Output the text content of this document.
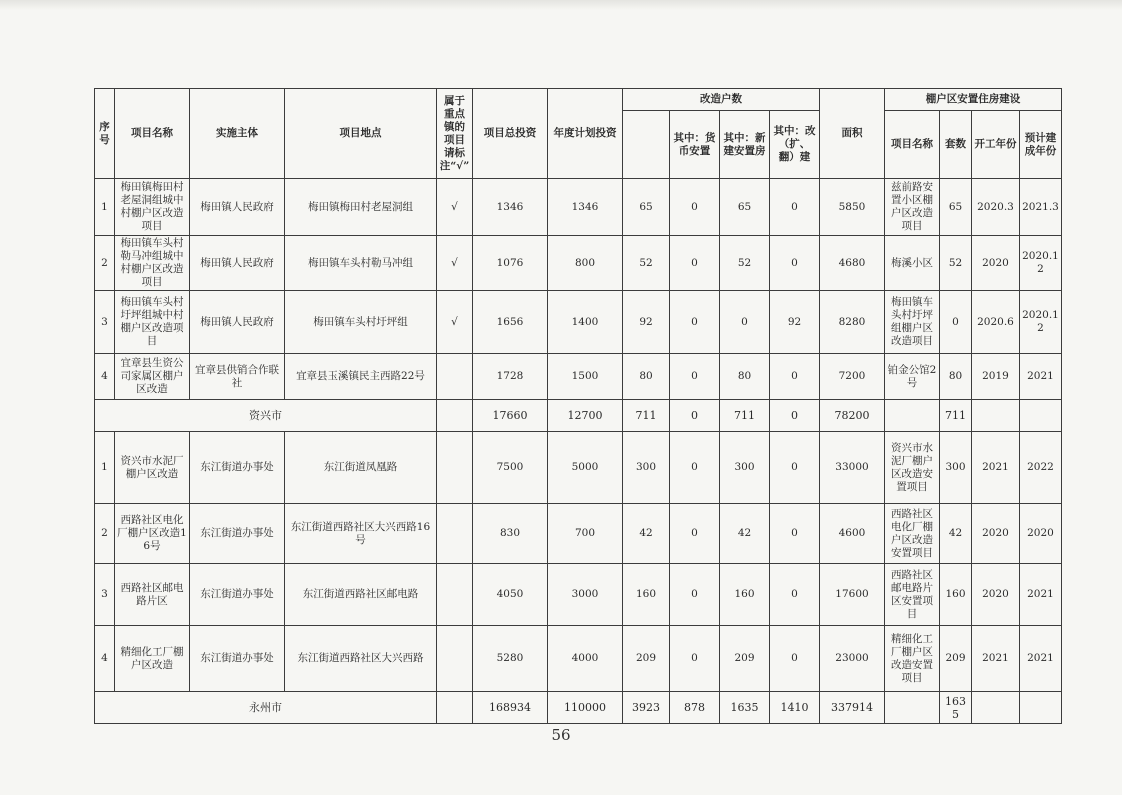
序号	项目名称	实施主体	项目地点	属于重点镇的项目请标注“√”	项目总投资	年度计划投资	改造户数				面积	棚户区安置住房建设			
								其中：货币安置	其中：新建安置房	其中：改（扩、翻）建		项目名称	套数	开工年份	预计建成年份
1	梅田镇梅田村老屋洞组城中村棚户区改造项目	梅田镇人民政府	梅田镇梅田村老屋洞组	√	1346	1346	65	0	65	0	5850	兹前路安置小区棚户区改造项目	65	2020.3	2021.3
2	梅田镇车头村勒马冲组城中村棚户区改造项目	梅田镇人民政府	梅田镇车头村勒马冲组	√	1076	800	52	0	52	0	4680	梅溪小区	52	2020	2020.12
3	梅田镇车头村圩坪组城中村棚户区改造项目	梅田镇人民政府	梅田镇车头村圩坪组	√	1656	1400	92	0	0	92	8280	梅田镇车头村圩坪组棚户区改造项目	0	2020.6	2020.12
4	宜章县生资公司家属区棚户区改造	宜章县供销合作联社	宜章县玉溪镇民主西路22号		1728	1500	80	0	80	0	7200	铂金公馆2号	80	2019	2021
资兴市					17660	12700	711	0	711	0	78200		711		
1	资兴市水泥厂棚户区改造	东江街道办事处	东江街道凤凰路		7500	5000	300	0	300	0	33000	资兴市水泥厂棚户区改造安置项目	300	2021	2022
2	西路社区电化厂棚户区改造16号	东江街道办事处	东江街道西路社区大兴西路16号		830	700	42	0	42	0	4600	西路社区电化厂棚户区改造安置项目	42	2020	2020
3	西路社区邮电路片区	东江街道办事处	东江街道西路社区邮电路		4050	3000	160	0	160	0	17600	西路社区邮电路片区安置项目	160	2020	2021
4	精细化工厂棚户区改造	东江街道办事处	东江街道西路社区大兴西路		5280	4000	209	0	209	0	23000	精细化工厂棚户区改造安置项目	209	2021	2021
永州市					168934	110000	3923	878	1635	1410	337914		1635		
56
